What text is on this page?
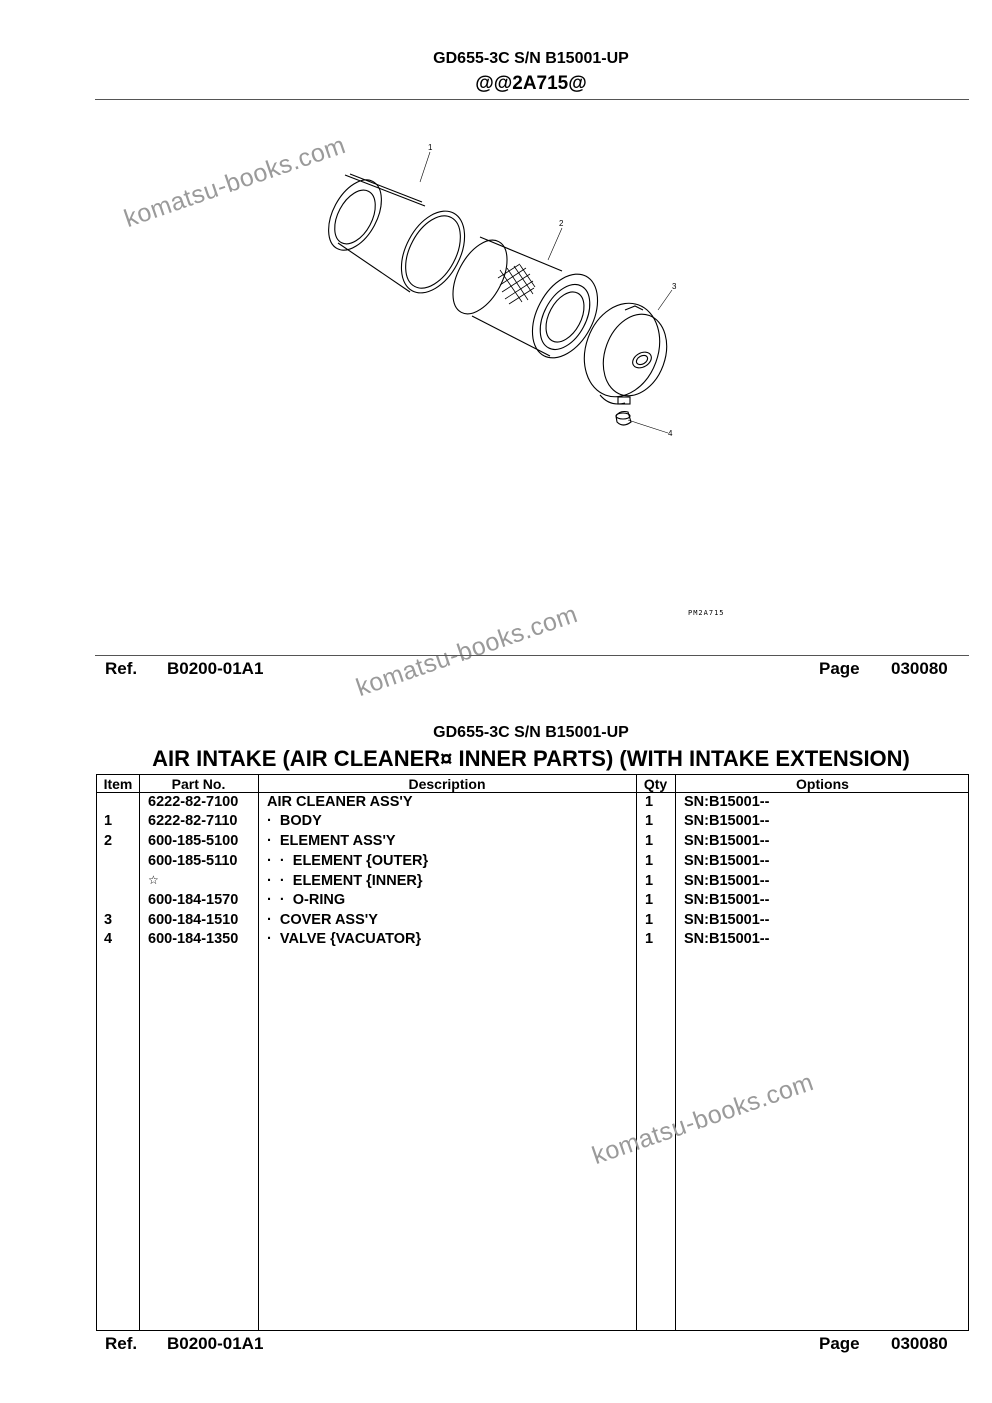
GD655-3C S/N B15001-UP
@@2A715@
komatsu-books.com	1
2
3
4
PM2A715
komatsu-books.com
Ref. B0200-01A1	Page 030080
GD655-3C S/N B15001-UP
AIR INTAKE (AIR CLEANER¤ INNER PARTS) (WITH INTAKE EXTENSION)
Item	Part No.	Description	Qty	Options
6222-82-7100 AIR CLEANER ASS'Y	1 SN:B15001--
1 6222-82-7110 ·  BODY	1 SN:B15001--
2 600-185-5100 ·  ELEMENT ASS'Y	1 SN:B15001--
600-185-5110 ·  ·  ELEMENT {OUTER}	1 SN:B15001--
☆	·  ·  ELEMENT {INNER}	1 SN:B15001--
600-184-1570 ·  ·  O-RING	1 SN:B15001--
3 600-184-1510 ·  COVER ASS'Y	1 SN:B15001--
4 600-184-1350 ·  VALVE {VACUATOR}	1 SN:B15001--
komatsu-books.com
Ref. B0200-01A1	Page 030080
